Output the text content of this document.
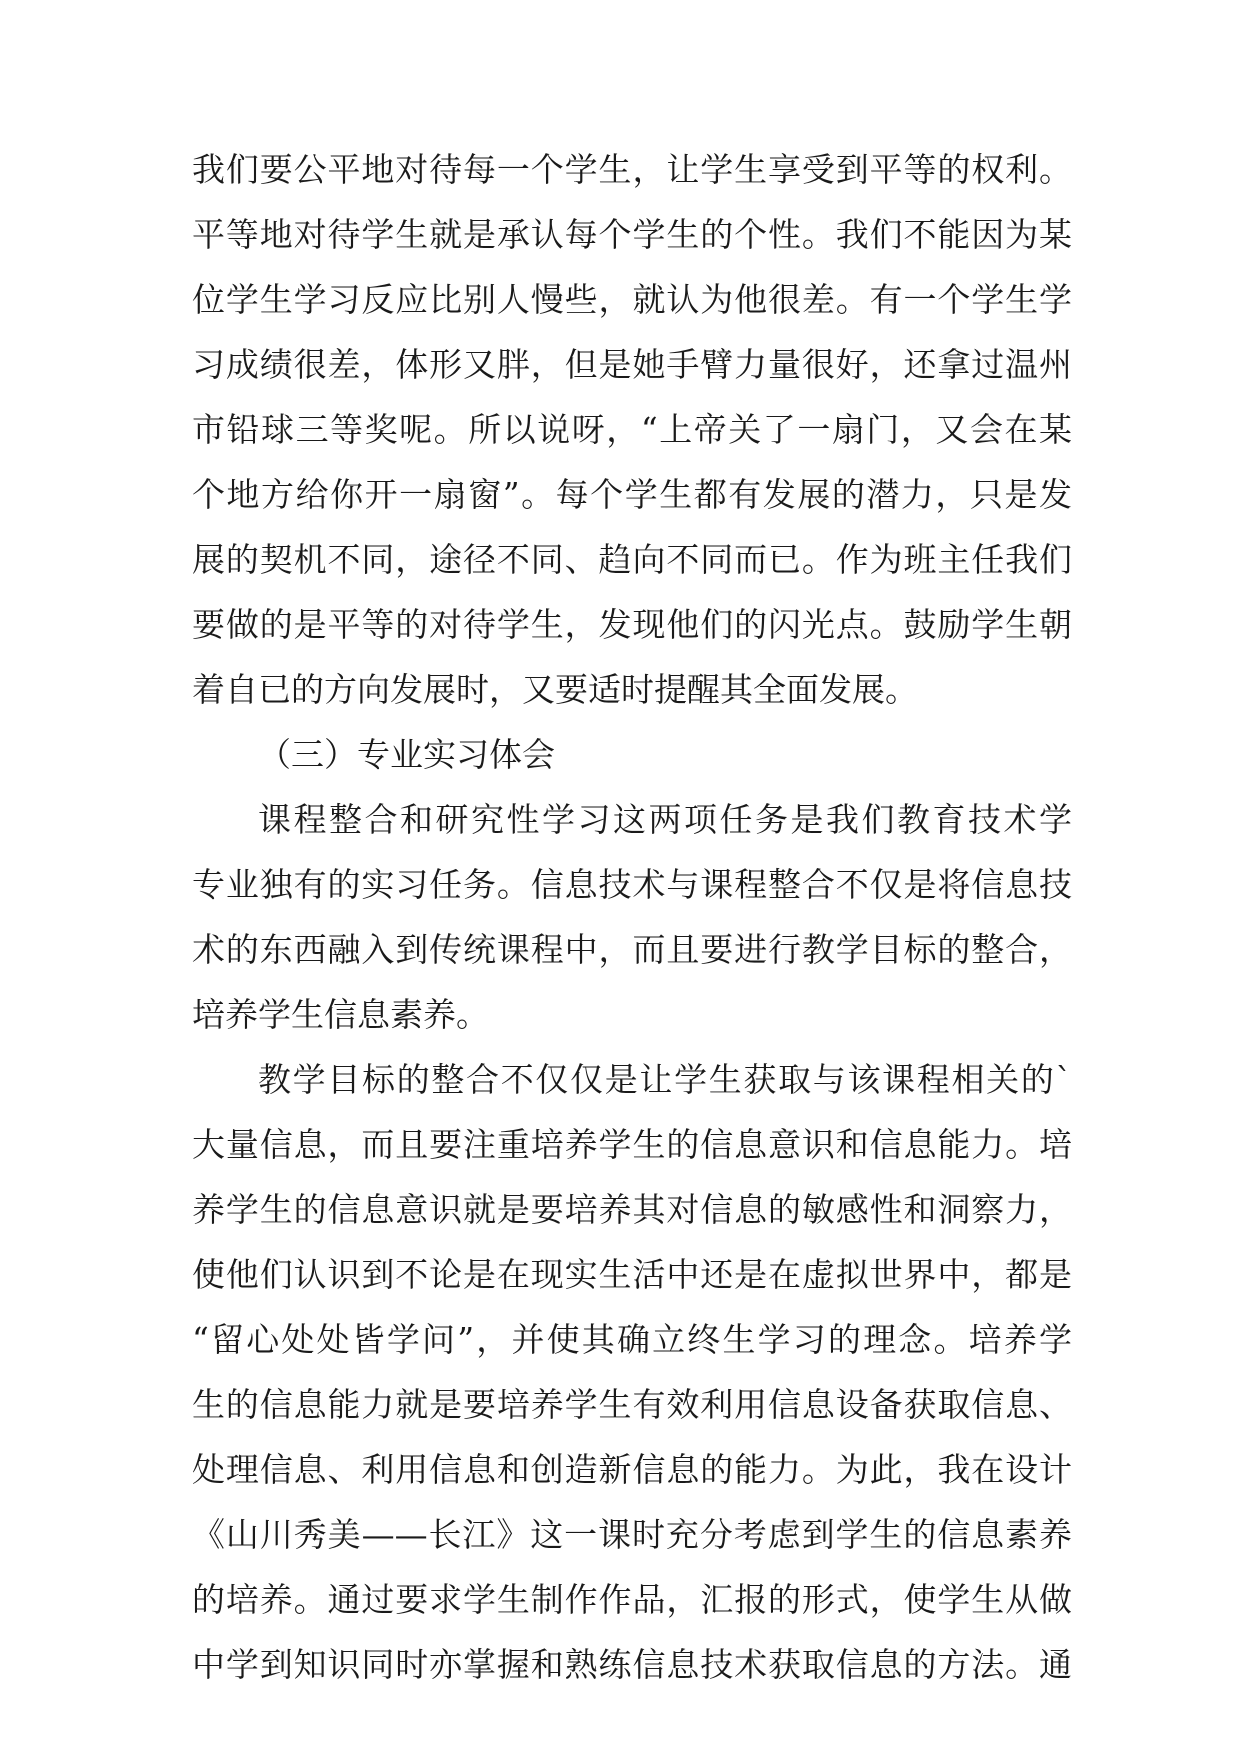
我们要公平地对待每一个学生，让学生享受到平等的权利。
平等地对待学生就是承认每个学生的个性。我们不能因为某
位学生学习反应比别人慢些，就认为他很差。有一个学生学
习成绩很差，体形又胖，但是她手臂力量很好，还拿过温州
市铅球三等奖呢。所以说呀，“上帝关了一扇门，又会在某
个地方给你开一扇窗”。每个学生都有发展的潜力，只是发
展的契机不同，途径不同、趋向不同而已。作为班主任我们
要做的是平等的对待学生，发现他们的闪光点。鼓励学生朝
着自已的方向发展时，又要适时提醒其全面发展。
（三）专业实习体会
课程整合和研究性学习这两项任务是我们教育技术学
专业独有的实习任务。信息技术与课程整合不仅是将信息技
术的东西融入到传统课程中，而且要进行教学目标的整合，
培养学生信息素养。
教学目标的整合不仅仅是让学生获取与该课程相关的`
大量信息，而且要注重培养学生的信息意识和信息能力。培
养学生的信息意识就是要培养其对信息的敏感性和洞察力，
使他们认识到不论是在现实生活中还是在虚拟世界中，都是
“留心处处皆学问”，并使其确立终生学习的理念。培养学
生的信息能力就是要培养学生有效利用信息设备获取信息、
处理信息、利用信息和创造新信息的能力。为此，我在设计
《山川秀美——长江》这一课时充分考虑到学生的信息素养
的培养。通过要求学生制作作品，汇报的形式，使学生从做
中学到知识同时亦掌握和熟练信息技术获取信息的方法。通
